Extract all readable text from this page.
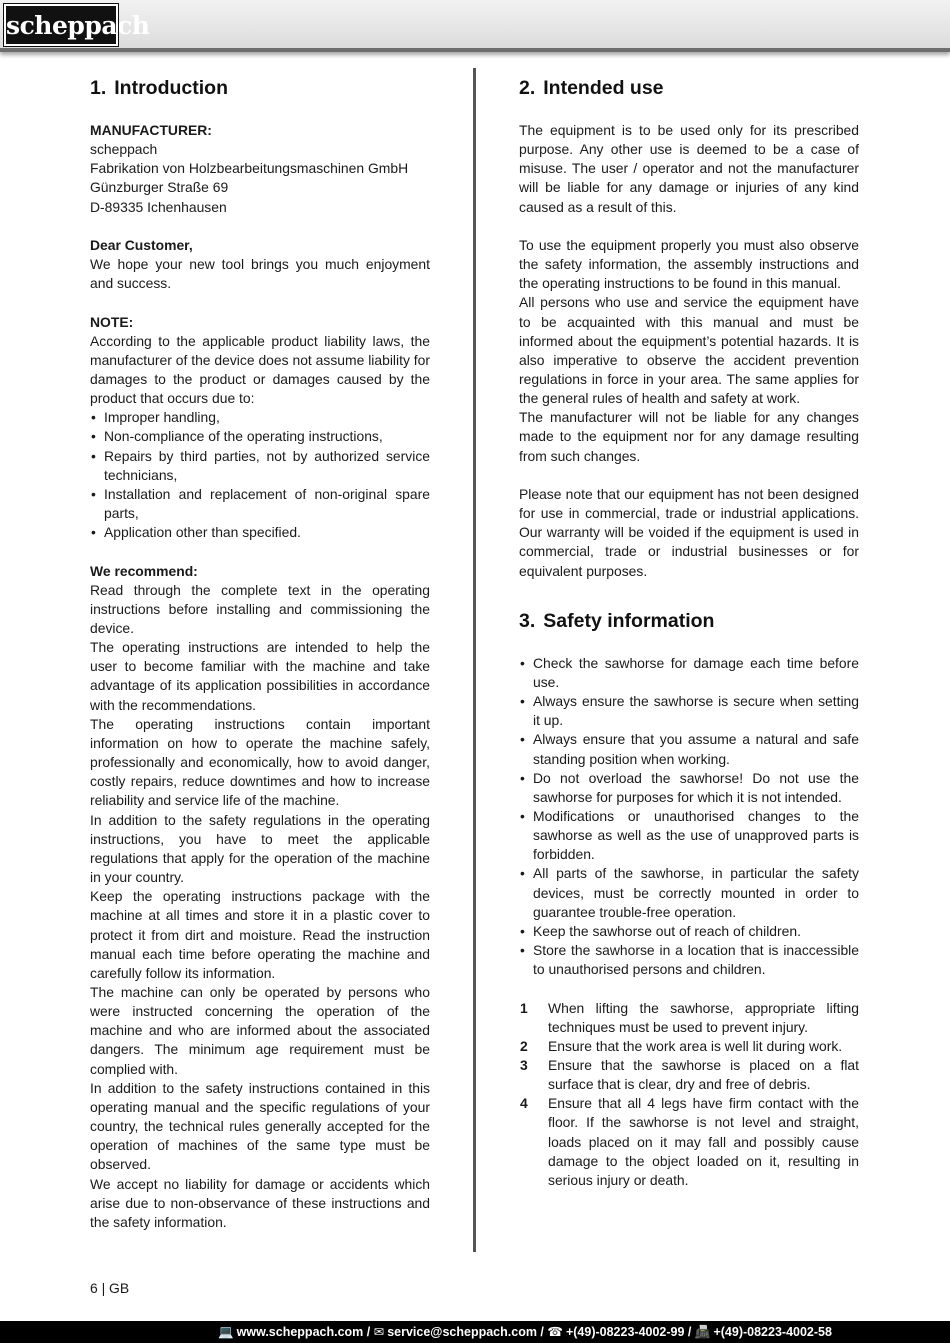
scheppach
1. Introduction

MANUFACTURER:

scheppach

Fabrikation von Holzbearbeitungsmaschinen GmbH

Günzburger Straße 69

D-89335 Ichenhausen

Dear Customer,

We hope your new tool brings you much enjoyment and success.

NOTE:

According to the applicable product liability laws, the manufacturer of the device does not assume liability for damages to the product or damages caused by the product that occurs due to:

• Improper handling,
• Non-compliance of the operating instructions,
• Repairs by third parties, not by authorized service technicians,
• Installation and replacement of non-original spare parts,
• Application other than specified.

We recommend:

Read through the complete text in the operating instructions before installing and commissioning the device.

The operating instructions are intended to help the user to become familiar with the machine and take advantage of its application possibilities in accordance with the recommendations.

The operating instructions contain important information on how to operate the machine safely, professionally and economically, how to avoid danger, costly repairs, reduce downtimes and how to increase reliability and service life of the machine.

In addition to the safety regulations in the operating instructions, you have to meet the applicable regulations that apply for the operation of the machine in your country.

Keep the operating instructions package with the machine at all times and store it in a plastic cover to protect it from dirt and moisture. Read the instruction manual each time before operating the machine and carefully follow its information.

The machine can only be operated by persons who were instructed concerning the operation of the machine and who are informed about the associated dangers. The minimum age requirement must be complied with.

In addition to the safety instructions contained in this operating manual and the specific regulations of your country, the technical rules generally accepted for the operation of machines of the same type must be observed.

We accept no liability for damage or accidents which arise due to non-observance of these instructions and the safety information.

2. Intended use

The equipment is to be used only for its prescribed purpose. Any other use is deemed to be a case of misuse. The user / operator and not the manufacturer will be liable for any damage or injuries of any kind caused as a result of this.

To use the equipment properly you must also observe the safety information, the assembly instructions and the operating instructions to be found in this manual.

All persons who use and service the equipment have to be acquainted with this manual and must be informed about the equipment’s potential hazards. It is also imperative to observe the accident prevention regulations in force in your area. The same applies for the general rules of health and safety at work.

The manufacturer will not be liable for any changes made to the equipment nor for any damage resulting from such changes.

Please note that our equipment has not been designed for use in commercial, trade or industrial applications. Our warranty will be voided if the equipment is used in commercial, trade or industrial businesses or for equivalent purposes.

3. Safety information
• Check the sawhorse for damage each time before use.
• Always ensure the sawhorse is secure when setting it up.
• Always ensure that you assume a natural and safe standing position when working.
• Do not overload the sawhorse! Do not use the sawhorse for purposes for which it is not intended.
• Modifications or unauthorised changes to the sawhorse as well as the use of unapproved parts is forbidden.
• All parts of the sawhorse, in particular the safety devices, must be correctly mounted in order to guarantee trouble-free operation.
• Keep the sawhorse out of reach of children.
• Store the sawhorse in a location that is inaccessible to unauthorised persons and children.
1 When lifting the sawhorse, appropriate lifting techniques must be used to prevent injury.
2 Ensure that the work area is well lit during work.
3 Ensure that the sawhorse is placed on a flat surface that is clear, dry and free of debris.
4 Ensure that all 4 legs have firm contact with the floor. If the sawhorse is not level and straight, loads placed on it may fall and possibly cause damage to the object loaded on it, resulting in serious injury or death.
6 | GB
💻 www.scheppach.com / ✉ service@scheppach.com / ☎ +(49)-08223-4002-99 / 📠 +(49)-08223-4002-58
